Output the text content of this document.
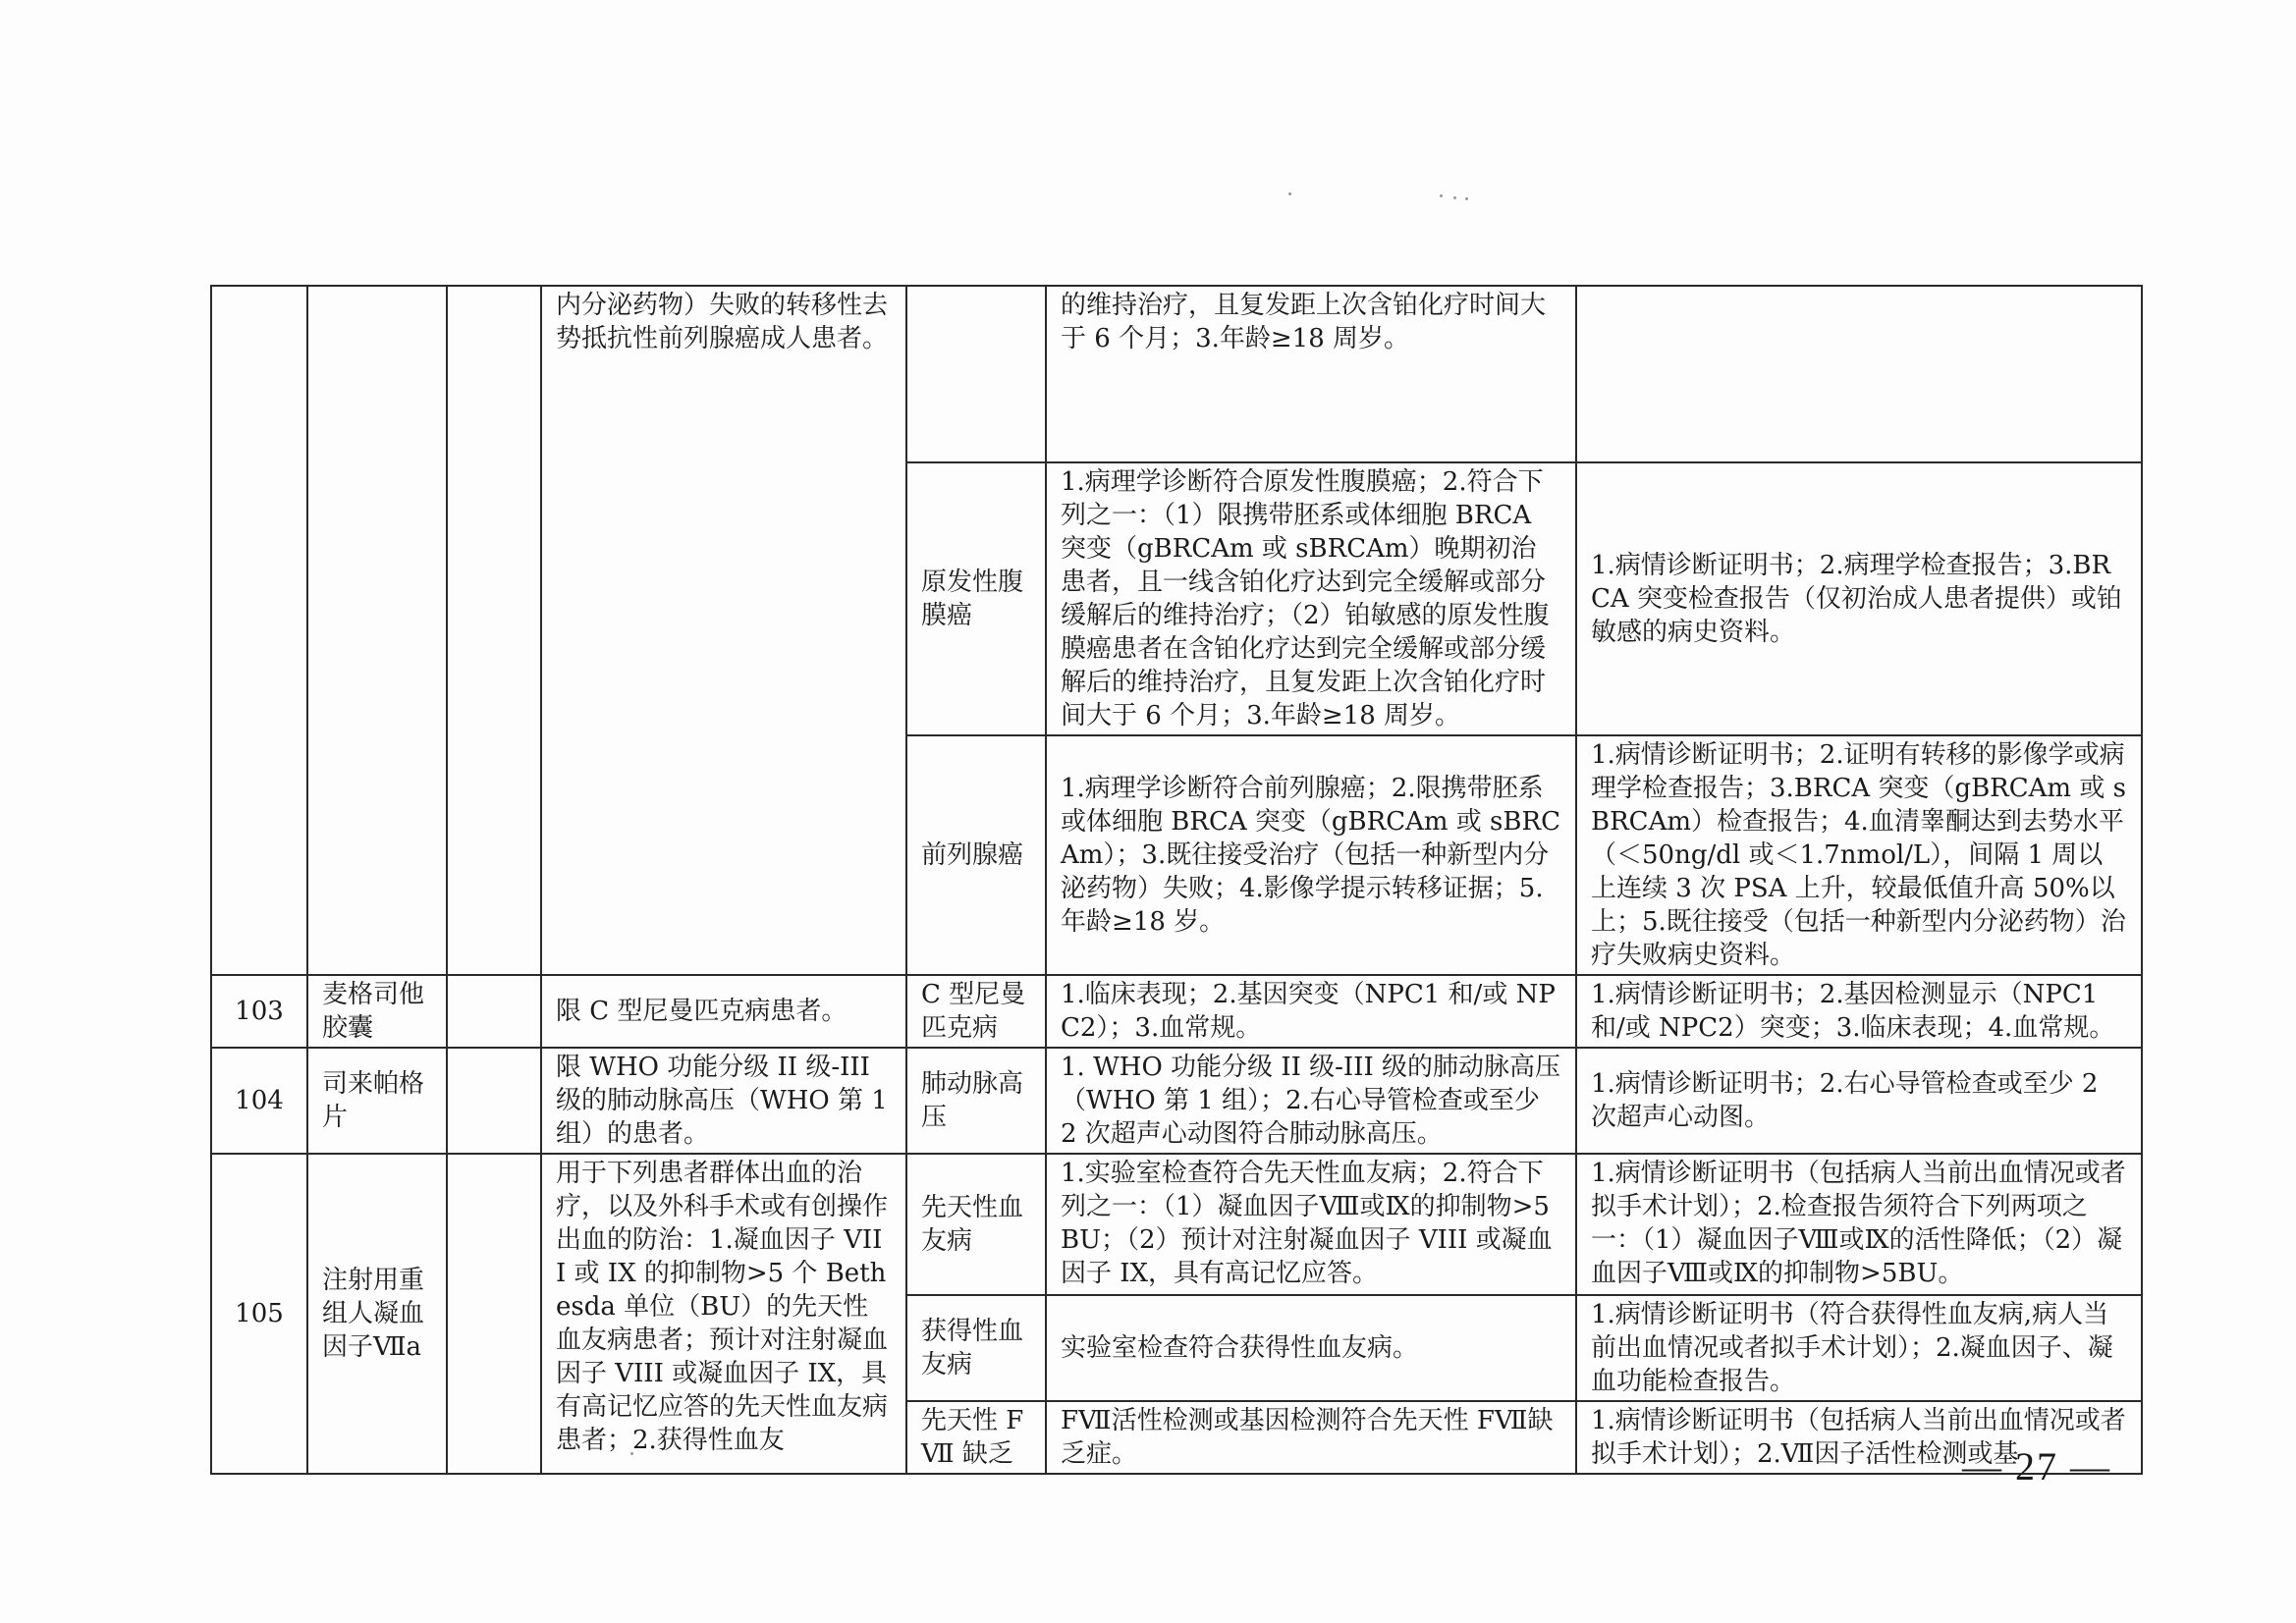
			内分泌药物）失败的转移性去势抵抗性前列腺癌成人患者。		的维持治疗，且复发距上次含铂化疗时间大于 6 个月；3.年龄≥18 周岁。	
				原发性腹膜癌	1.病理学诊断符合原发性腹膜癌；2.符合下列之一：（1）限携带胚系或体细胞 BRCA 突变（gBRCAm 或 sBRCAm）晚期初治患者，且一线含铂化疗达到完全缓解或部分缓解后的维持治疗；（2）铂敏感的原发性腹膜癌患者在含铂化疗达到完全缓解或部分缓解后的维持治疗，且复发距上次含铂化疗时间大于 6 个月；3.年龄≥18 周岁。	1.病情诊断证明书；2.病理学检查报告；3.BRCA 突变检查报告（仅初治成人患者提供）或铂敏感的病史资料。
				前列腺癌	1.病理学诊断符合前列腺癌；2.限携带胚系或体细胞 BRCA 突变（gBRCAm 或 sBRCAm）；3.既往接受治疗（包括一种新型内分泌药物）失败；4.影像学提示转移证据；5.年龄≥18 岁。	1.病情诊断证明书；2.证明有转移的影像学或病理学检查报告；3.BRCA 突变（gBRCAm 或 sBRCAm）检查报告；4.血清睾酮达到去势水平（＜50ng/dl 或＜1.7nmol/L），间隔 1 周以上连续 3 次 PSA 上升，较最低值升高 50%以上；5.既往接受（包括一种新型内分泌药物）治疗失败病史资料。
103	麦格司他胶囊		限 C 型尼曼匹克病患者。	C 型尼曼匹克病	1.临床表现；2.基因突变（NPC1 和/或 NPC2）；3.血常规。	1.病情诊断证明书；2.基因检测显示（NPC1 和/或 NPC2）突变；3.临床表现；4.血常规。
104	司来帕格片		限 WHO 功能分级 II 级-III 级的肺动脉高压（WHO 第 1 组）的患者。	肺动脉高压	1. WHO 功能分级 II 级-III 级的肺动脉高压（WHO 第 1 组）；2.右心导管检查或至少 2 次超声心动图符合肺动脉高压。	1.病情诊断证明书；2.右心导管检查或至少 2 次超声心动图。
105	注射用重组人凝血因子Ⅶa		用于下列患者群体出血的治疗，以及外科手术或有创操作出血的防治：1.凝血因子 VIII 或 IX 的抑制物>5 个 Bethesda 单位（BU）的先天性血友病患者；预计对注射凝血因子 VIII 或凝血因子 IX，具有高记忆应答的先天性血友病患者；2.获得性血友	先天性血友病	1.实验室检查符合先天性血友病；2.符合下列之一：（1）凝血因子Ⅷ或Ⅸ的抑制物>5BU；（2）预计对注射凝血因子 VIII 或凝血因子 IX，具有高记忆应答。	1.病情诊断证明书（包括病人当前出血情况或者拟手术计划）；2.检查报告须符合下列两项之一：（1）凝血因子Ⅷ或Ⅸ的活性降低；（2）凝血因子Ⅷ或Ⅸ的抑制物>5BU。
				获得性血友病	实验室检查符合获得性血友病。	1.病情诊断证明书（符合获得性血友病,病人当前出血情况或者拟手术计划）；2.凝血因子、凝血功能检查报告。
				先天性 FⅦ 缺乏	FⅦ活性检测或基因检测符合先天性 FⅦ缺乏症。	1.病情诊断证明书（包括病人当前出血情况或者拟手术计划）；2.Ⅶ因子活性检测或基
— 27 —
